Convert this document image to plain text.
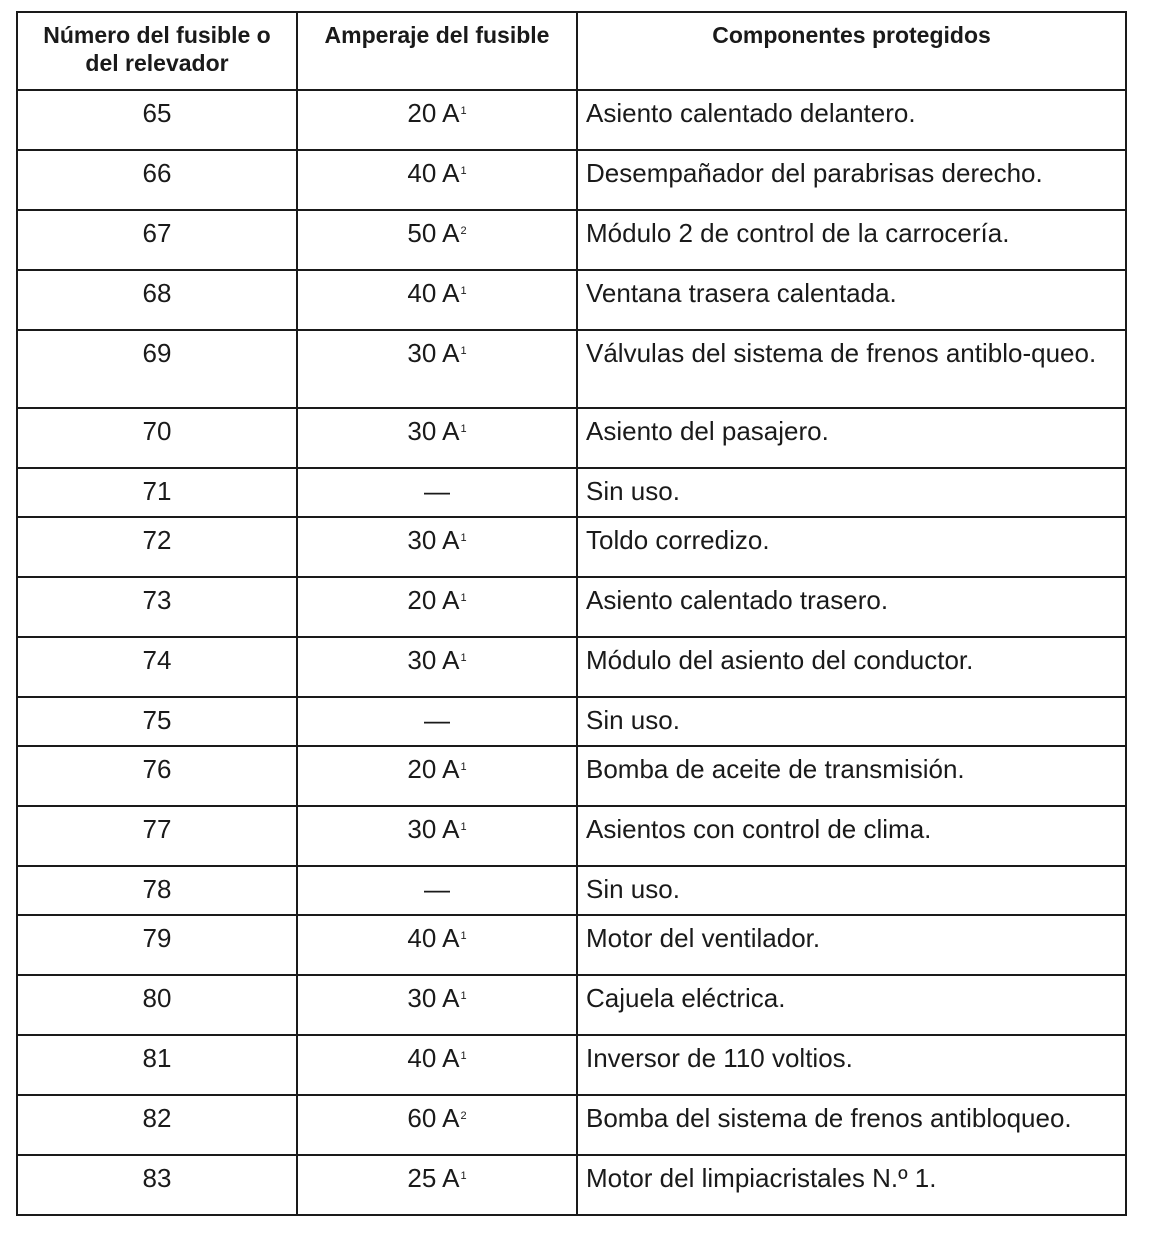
Número del fusible o del relevador	Amperaje del fusible	Componentes protegidos
65	20 $A^1$	Asiento calentado delantero.
66	40 $A^1$	Desempañador del parabrisas derecho.
67	50 $A^2$	Módulo 2 de control de la carrocería.
68	40 $A^1$	Ventana trasera calentada.
69	30 $A^1$	Válvulas del sistema de frenos antiblo-queo.
70	30 $A^1$	Asiento del pasajero.
71	—	Sin uso.
72	30 $A^1$	Toldo corredizo.
73	20 $A^1$	Asiento calentado trasero.
74	30 $A^1$	Módulo del asiento del conductor.
75	—	Sin uso.
76	20 $A^1$	Bomba de aceite de transmisión.
77	30 $A^1$	Asientos con control de clima.
78	—	Sin uso.
79	40 $A^1$	Motor del ventilador.
80	30 $A^1$	Cajuela eléctrica.
81	40 $A^1$	Inversor de 110 voltios.
82	60 $A^2$	Bomba del sistema de frenos antibloqueo.
83	25 $A^1$	Motor del limpiacristales N.º 1.
